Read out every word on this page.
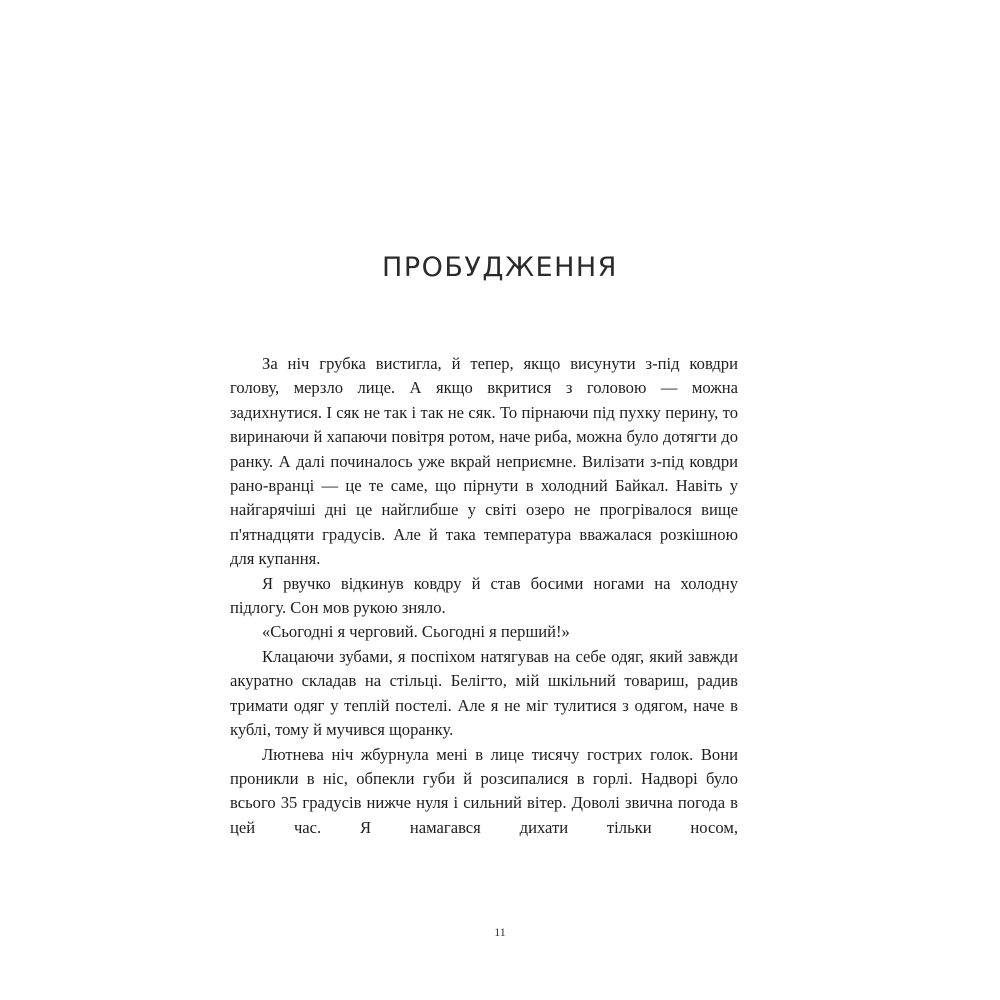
ПРОБУДЖЕННЯ

За ніч грубка вистигла, й тепер, якщо висунути з-під ковдри голову, мерзло лице. А якщо вкритися з головою — можна задихнутися. І сяк не так і так не сяк. То пірнаючи під пухку перину, то виринаючи й хапаючи повітря ротом, наче риба, можна було дотягти до ранку. А далі починалось уже вкрай неприємне. Вилізати з-під ковдри рано-вранці — це те саме, що пірнути в холодний Байкал. Навіть у найгарячіші дні це найглибше у світі озеро не прогрівалося вище п'ятнадцяти градусів. Але й така температура вважалася розкішною для купання.

Я рвучко відкинув ковдру й став босими ногами на холодну підлогу. Сон мов рукою зняло.

«Сьогодні я черговий. Сьогодні я перший!»

Клацаючи зубами, я поспіхом натягував на себе одяг, який завжди акуратно складав на стільці. Белігто, мій шкільний товариш, радив тримати одяг у теплій постелі. Але я не міг тулитися з одягом, наче в кублі, тому й мучився щоранку.

Лютнева ніч жбурнула мені в лице тисячу гострих голок. Вони проникли в ніс, обпекли губи й розсипалися в горлі. Надворі було всього 35 градусів нижче нуля і сильний вітер. Доволі звична погода в цей час. Я намагався дихати тільки носом,

11
